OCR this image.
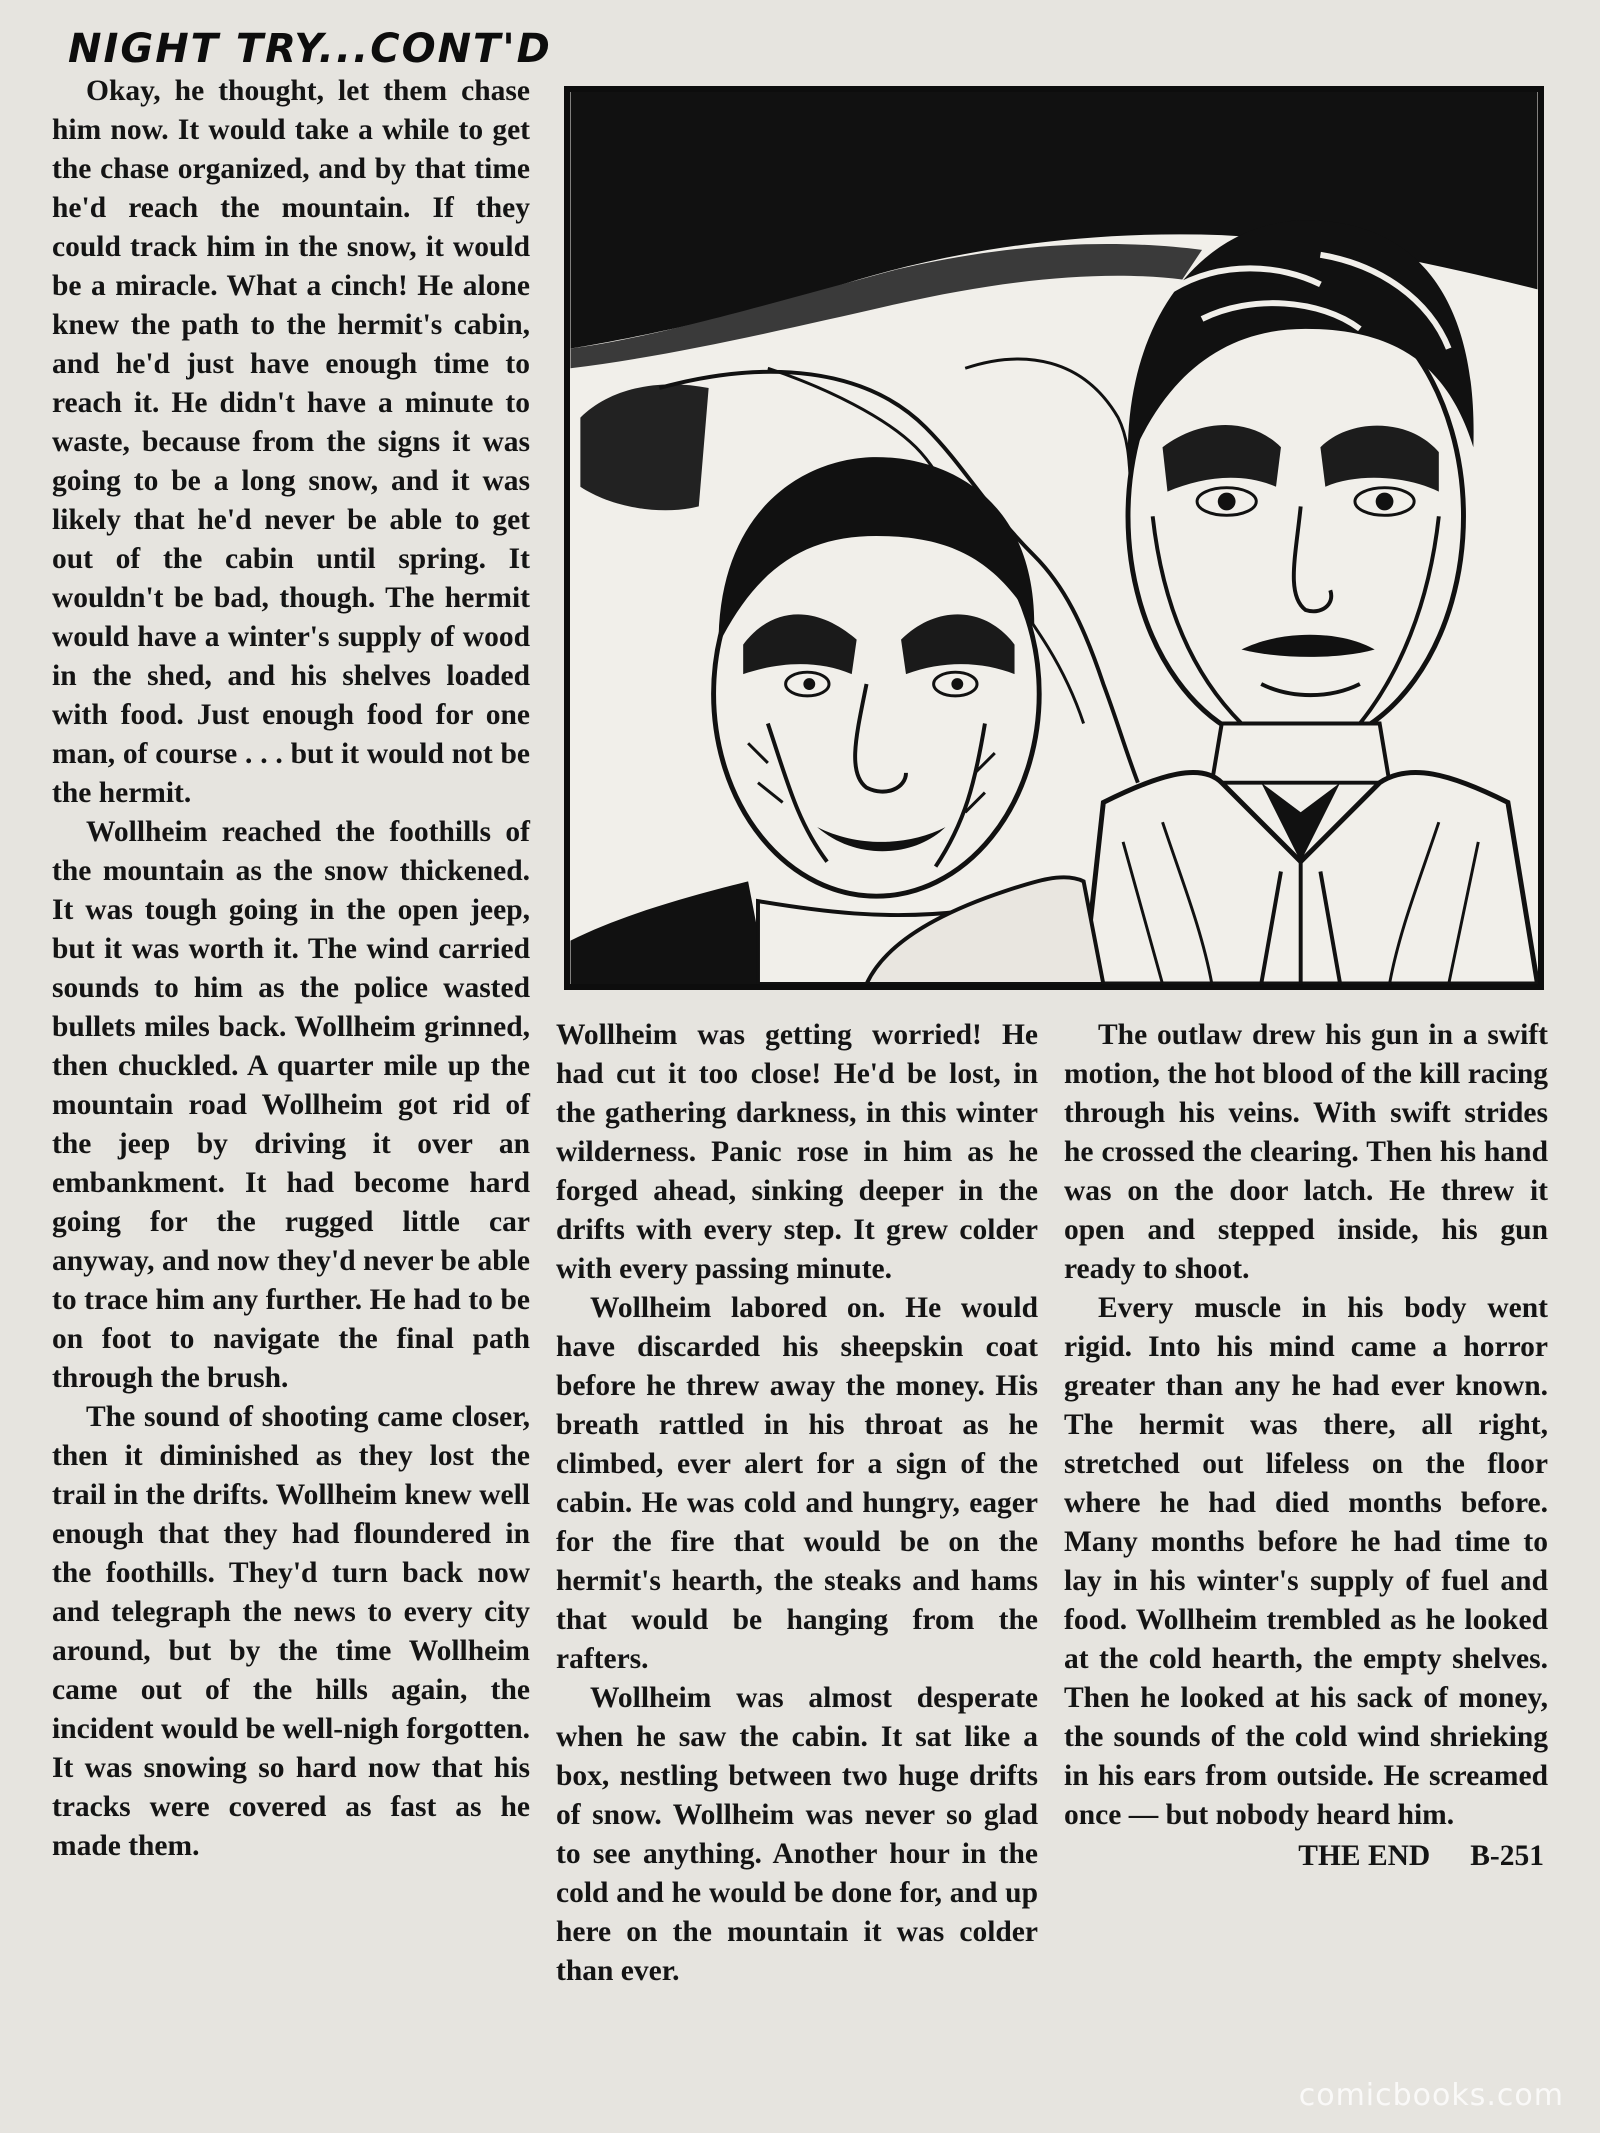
NIGHT TRY...CONT'D

Okay, he thought, let them chase him now. It would take a while to get the chase organized, and by that time he'd reach the mountain. If they could track him in the snow, it would be a miracle. What a cinch! He alone knew the path to the hermit's cabin, and he'd just have enough time to reach it. He didn't have a minute to waste, because from the signs it was going to be a long snow, and it was likely that he'd never be able to get out of the cabin until spring. It wouldn't be bad, though. The hermit would have a winter's supply of wood in the shed, and his shelves loaded with food. Just enough food for one man, of course . . . but it would not be the hermit.

Wollheim reached the foothills of the mountain as the snow thickened. It was tough going in the open jeep, but it was worth it. The wind carried sounds to him as the police wasted bullets miles back. Wollheim grinned, then chuckled. A quarter mile up the mountain road Wollheim got rid of the jeep by driving it over an embankment. It had become hard going for the rugged little car anyway, and now they'd never be able to trace him any further. He had to be on foot to navigate the final path through the brush.

The sound of shooting came closer, then it diminished as they lost the trail in the drifts. Wollheim knew well enough that they had floundered in the foothills. They'd turn back now and telegraph the news to every city around, but by the time Wollheim came out of the hills again, the incident would be well-nigh forgotten. It was snowing so hard now that his tracks were covered as fast as he made them.

Wollheim was getting worried! He had cut it too close! He'd be lost, in the gathering darkness, in this winter wilderness. Panic rose in him as he forged ahead, sinking deeper in the drifts with every step. It grew colder with every passing minute.

Wollheim labored on. He would have discarded his sheepskin coat before he threw away the money. His breath rattled in his throat as he climbed, ever alert for a sign of the cabin. He was cold and hungry, eager for the fire that would be on the hermit's hearth, the steaks and hams that would be hanging from the rafters.

Wollheim was almost desperate when he saw the cabin. It sat like a box, nestling between two huge drifts of snow. Wollheim was never so glad to see anything. Another hour in the cold and he would be done for, and up here on the mountain it was colder than ever.

The outlaw drew his gun in a swift motion, the hot blood of the kill racing through his veins. With swift strides he crossed the clearing. Then his hand was on the door latch. He threw it open and stepped inside, his gun ready to shoot.

Every muscle in his body went rigid. Into his mind came a horror greater than any he had ever known. The hermit was there, all right, stretched out lifeless on the floor where he had died months before. Many months before he had time to lay in his winter's supply of fuel and food. Wollheim trembled as he looked at the cold hearth, the empty shelves. Then he looked at his sack of money, the sounds of the cold wind shrieking in his ears from outside. He screamed once — but nobody heard him.

THE END B-251
comicbooks.com
